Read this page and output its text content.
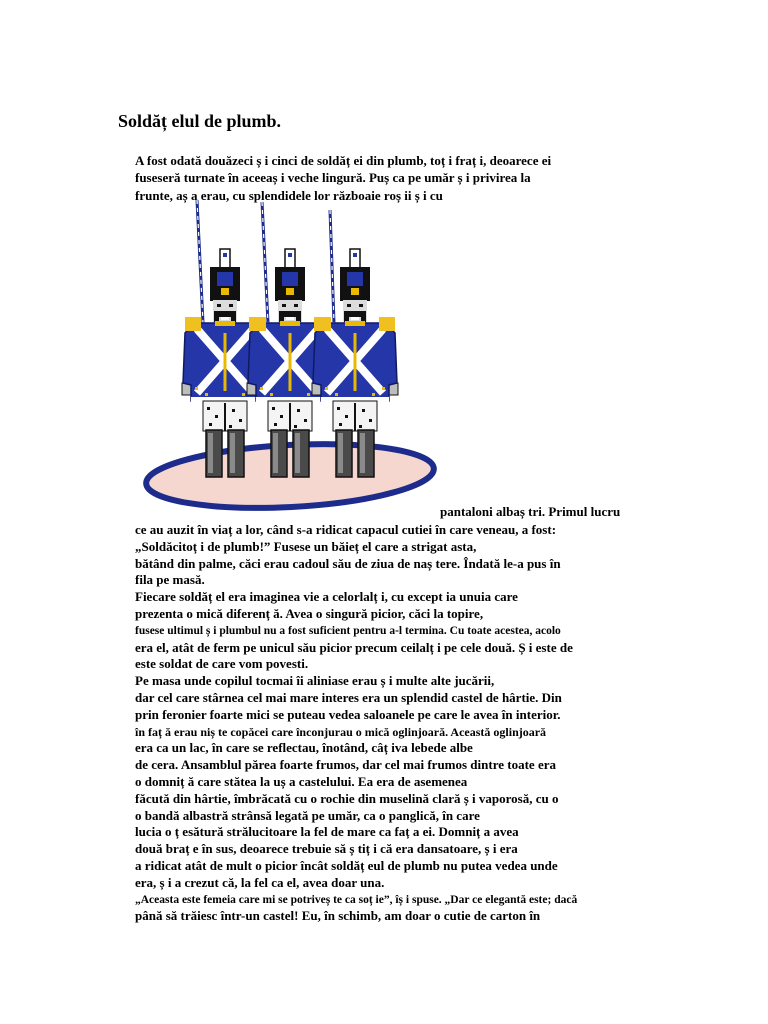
Soldăț elul de plumb.
A fost odată douăzeci ș i cinci de soldăț ei din plumb, toț i fraț i, deoarece ei
fuseseră turnate în aceeaș i veche lingură. Puș ca pe umăr ș i privirea la
frunte, aș a erau, cu splendidele lor războaie roș ii ș i cu
pantaloni albaș tri. Primul lucru
ce au auzit în viaț a lor, când s-a ridicat capacul cutiei în care veneau, a fost:
„Soldăcitoț i de plumb!” Fusese un băieț el care a strigat asta,
bătând din palme, căci erau cadoul său de ziua de naș tere. Îndată le-a pus în
fila pe masă.
Fiecare soldăț el era imaginea vie a celorlalț i, cu except ia unuia care
prezenta o mică diferenț ă. Avea o singură picior, căci la topire,
fusese ultimul ș i plumbul nu a fost suficient pentru a-l termina. Cu toate acestea, acolo
era el, atât de ferm pe unicul său picior precum ceilalț i pe cele două. Ș i este de
este soldat de care vom povesti.
Pe masa unde copilul tocmai îi aliniase erau ș i multe alte jucării,
dar cel care stârnea cel mai mare interes era un splendid castel de hârtie. Din
prin feronier foarte mici se puteau vedea saloanele pe care le avea în interior.
în faț ă erau niș te copăcei care înconjurau o mică oglinjoară. Această oglinjoară
era ca un lac, în care se reflectau, înotând, câț iva lebede albe
de cera. Ansamblul părea foarte frumos, dar cel mai frumos dintre toate era
o domniț ă care stătea la uș a castelului. Ea era de asemenea
făcută din hârtie, îmbrăcată cu o rochie din muselină clară ș i vaporosă, cu o
o bandă albastră strânsă legată pe umăr, ca o panglică, în care
lucia o ț esătură strălucitoare la fel de mare ca faț a ei. Domniț a avea
două braț e în sus, deoarece trebuie să ș tiț i că era dansatoare, ș i era
a ridicat atât de mult o picior încât soldăț eul de plumb nu putea vedea unde
era, ș i a crezut că, la fel ca el, avea doar una.
„Aceasta este femeia care mi se potriveș te ca soț ie”, îș i spuse. „Dar ce elegantă este; dacă
până să trăiesc într-un castel! Eu, în schimb, am doar o cutie de carton în
